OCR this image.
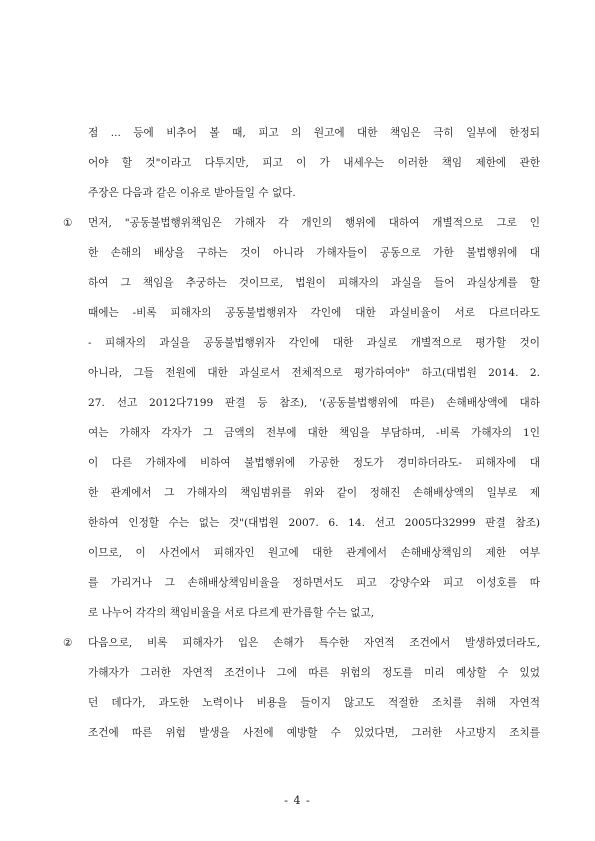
점 ... 등에 비추어 볼 때, 피고 의 원고에 대한 책임은 극히 일부에 한정되
어야 할 것"이라고 다투지만, 피고 이 가 내세우는 이러한 책임 제한에 관한
주장은 다음과 같은 이유로 받아들일 수 없다.
①	먼저, "공동불법행위책임은 가해자 각 개인의 행위에 대하여 개별적으로 그로 인
한 손해의 배상을 구하는 것이 아니라 가해자들이 공동으로 가한 불법행위에 대
하여 그 책임을 추궁하는 것이므로, 법원이 피해자의 과실을 들어 과실상계를 할
때에는 -비록 피해자의 공동불법행위자 각인에 대한 과실비율이 서로 다르더라도
- 피해자의 과실을 공동불법행위자 각인에 대한 과실로 개별적으로 평가할 것이
아니라, 그들 전원에 대한 과실로서 전체적으로 평가하여야" 하고(대법원 2014. 2.
27. 선고 2012다7199 판결 등 참조), '(공동불법행위에 따른) 손해배상액에 대하
여는 가해자 각자가 그 금액의 전부에 대한 책임을 부담하며, -비록 가해자의 1인
이 다른 가해자에 비하여 불법행위에 가공한 정도가 경미하더라도- 피해자에 대
한 관계에서 그 가해자의 책임범위를 위와 같이 정해진 손해배상액의 일부로 제
한하여 인정할 수는 없는 것"(대법원 2007. 6. 14. 선고 2005다32999 판결 참조)
이므로, 이 사건에서 피해자인 원고에 대한 관계에서 손해배상책임의 제한 여부
를 가리거나 그 손해배상책임비율을 정하면서도 피고 강양수와 피고 이성호를 따
로 나누어 각각의 책임비율을 서로 다르게 판가름할 수는 없고,
②	다음으로, 비록 피해자가 입은 손해가 특수한 자연적 조건에서 발생하였더라도,
가해자가 그러한 자연적 조건이나 그에 따른 위험의 정도를 미리 예상할 수 있었
던 데다가, 과도한 노력이나 비용을 들이지 않고도 적절한 조치를 취해 자연적
조건에 따른 위험 발생을 사전에 예방할 수 있었다면, 그러한 사고방지 조치를
- 4 -
